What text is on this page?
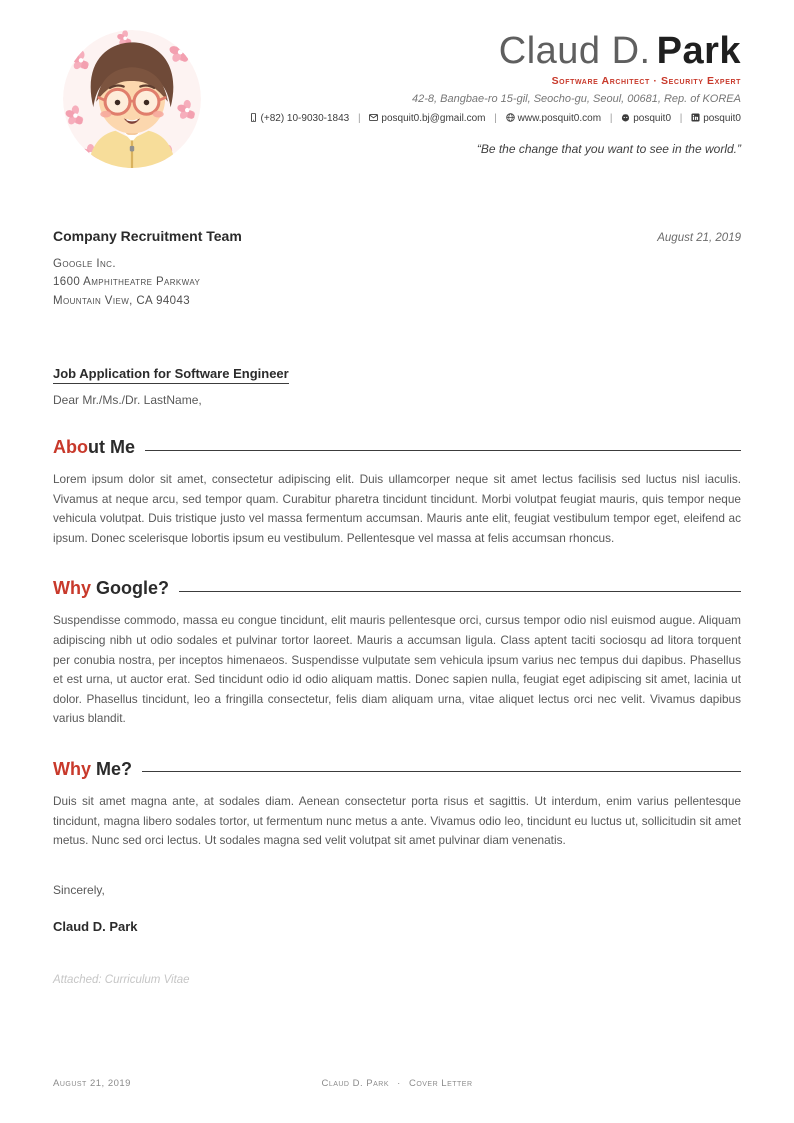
Claud D. Park
Software Architect · Security Expert
42-8, Bangbae-ro 15-gil, Seocho-gu, Seoul, 00681, Rep. of KOREA
(+82) 10-9030-1843 | posquit0.bj@gmail.com | www.posquit0.com | posquit0 | posquit0
“Be the change that you want to see in the world.”
Company Recruitment Team	August 21, 2019
Google Inc.
1600 Amphitheatre Parkway
Mountain View, CA 94043
Job Application for Software Engineer
Dear Mr./Ms./Dr. LastName,
About Me

Lorem ipsum dolor sit amet, consectetur adipiscing elit. Duis ullamcorper neque sit amet lectus facilisis sed luctus nisl iaculis. Vivamus at neque arcu, sed tempor quam. Curabitur pharetra tincidunt tincidunt. Morbi volutpat feugiat mauris, quis tempor neque vehicula volutpat. Duis tristique justo vel massa fermentum accumsan. Mauris ante elit, feugiat vestibulum tempor eget, eleifend ac ipsum. Donec scelerisque lobortis ipsum eu vestibulum. Pellentesque vel massa at felis accumsan rhoncus.

Why Google?

Suspendisse commodo, massa eu congue tincidunt, elit mauris pellentesque orci, cursus tempor odio nisl euismod augue. Aliquam adipiscing nibh ut odio sodales et pulvinar tortor laoreet. Mauris a accumsan ligula. Class aptent taciti sociosqu ad litora torquent per conubia nostra, per inceptos himenaeos. Suspendisse vulputate sem vehicula ipsum varius nec tempus dui dapibus. Phasellus et est urna, ut auctor erat. Sed tincidunt odio id odio aliquam mattis. Donec sapien nulla, feugiat eget adipiscing sit amet, lacinia ut dolor. Phasellus tincidunt, leo a fringilla consectetur, felis diam aliquam urna, vitae aliquet lectus orci nec velit. Vivamus dapibus varius blandit.

Why Me?

Duis sit amet magna ante, at sodales diam. Aenean consectetur porta risus et sagittis. Ut interdum, enim varius pellentesque tincidunt, magna libero sodales tortor, ut fermentum nunc metus a ante. Vivamus odio leo, tincidunt eu luctus ut, sollicitudin sit amet metus. Nunc sed orci lectus. Ut sodales magna sed velit volutpat sit amet pulvinar diam venenatis.

Sincerely,

Claud D. Park

Attached: Curriculum Vitae

August 21, 2019	Claud D. Park · Cover Letter
